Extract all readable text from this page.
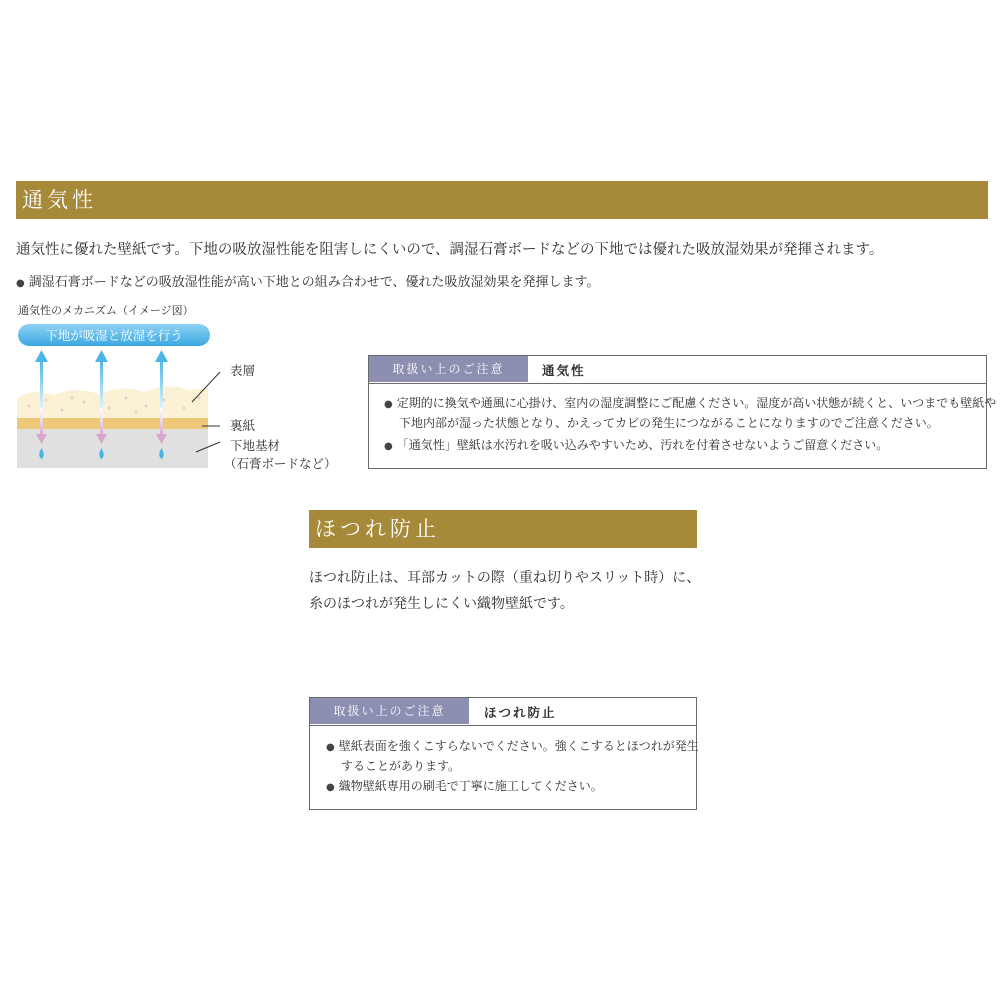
通気性
通気性に優れた壁紙です。下地の吸放湿性能を阻害しにくいので、調湿石膏ボードなどの下地では優れた吸放湿効果が発揮されます。
● 調湿石膏ボードなどの吸放湿性能が高い下地との組み合わせで、優れた吸放湿効果を発揮します。
通気性のメカニズム（イメージ図）
下地が吸湿と放湿を行う
表層
裏紙
下地基材
（石膏ボードなど）
取扱い上のご注意	通気性
● 定期的に換気や通風に心掛け、室内の湿度調整にご配慮ください。湿度が高い状態が続くと、いつまでも壁紙や下地内部が湿った状態となり、かえってカビの発生につながることになりますのでご注意ください。
● 「通気性」壁紙は水汚れを吸い込みやすいため、汚れを付着させないようご留意ください。
ほつれ防止
ほつれ防止は、耳部カットの際（重ね切りやスリット時）に、糸のほつれが発生しにくい織物壁紙です。
取扱い上のご注意	ほつれ防止
● 壁紙表面を強くこすらないでください。強くこするとほつれが発生することがあります。
● 織物壁紙専用の刷毛で丁寧に施工してください。
